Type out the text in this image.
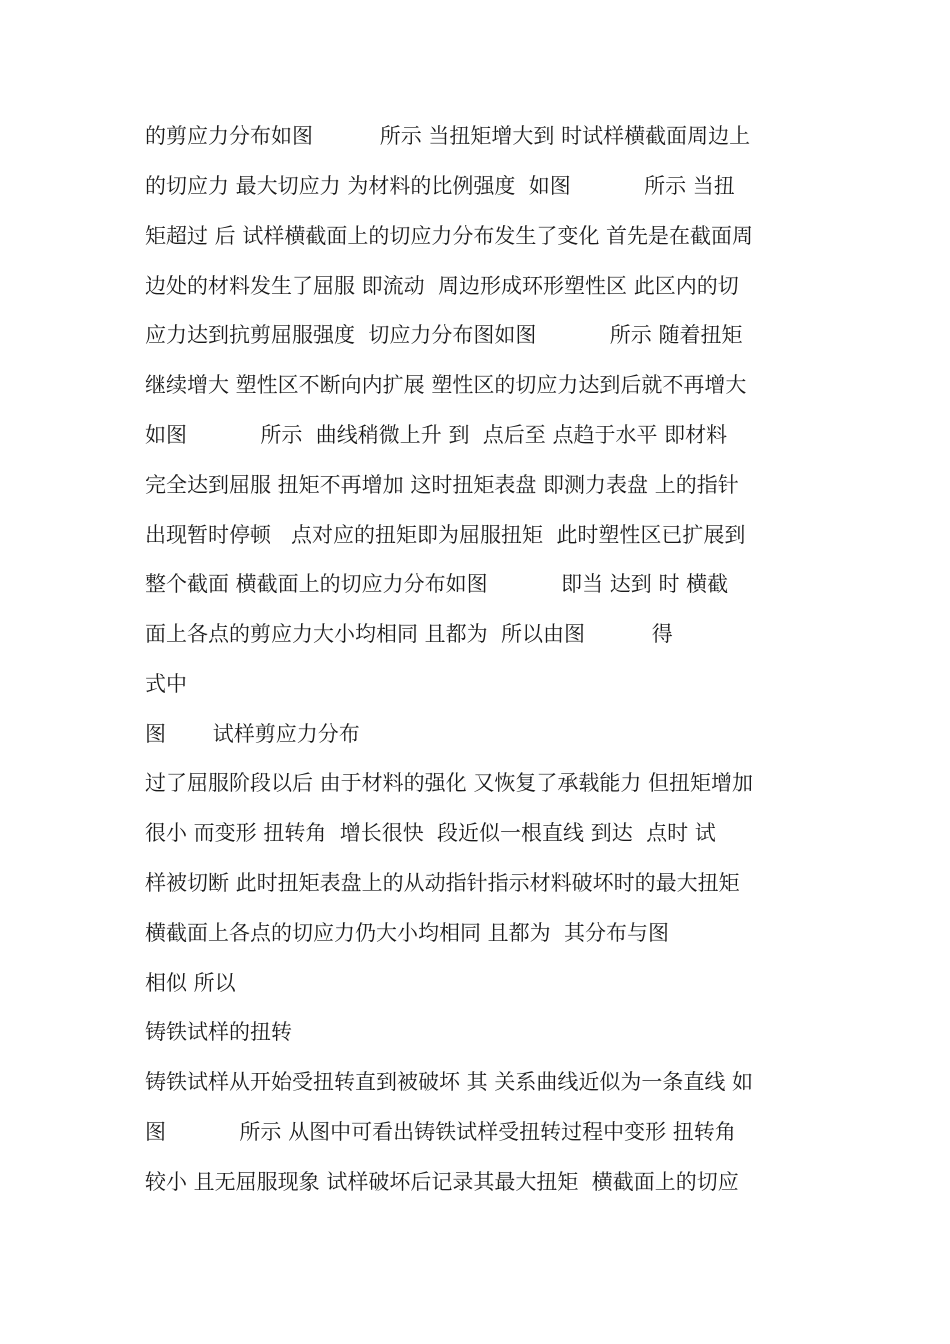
的剪应力分布如图          所示 当扭矩增大到 时试样横截面周边上
的切应力 最大切应力 为材料的比例强度  如图           所示 当扭
矩超过 后 试样横截面上的切应力分布发生了变化 首先是在截面周
边处的材料发生了屈服 即流动  周边形成环形塑性区 此区内的切
应力达到抗剪屈服强度  切应力分布图如图           所示 随着扭矩
继续增大 塑性区不断向内扩展 塑性区的切应力达到后就不再增大
如图           所示  曲线稍微上升 到  点后至 点趋于水平 即材料
完全达到屈服 扭矩不再增加 这时扭矩表盘 即测力表盘 上的指针
出现暂时停顿   点对应的扭矩即为屈服扭矩  此时塑性区已扩展到
整个截面 横截面上的切应力分布如图           即当 达到 时 横截
面上各点的剪应力大小均相同 且都为  所以由图          得
式中
图       试样剪应力分布
过了屈服阶段以后 由于材料的强化 又恢复了承载能力 但扭矩增加
很小 而变形 扭转角  增长很快  段近似一根直线 到达  点时 试
样被切断 此时扭矩表盘上的从动指针指示材料破坏时的最大扭矩
横截面上各点的切应力仍大小均相同 且都为  其分布与图
相似 所以
铸铁试样的扭转
铸铁试样从开始受扭转直到被破坏 其 关系曲线近似为一条直线 如
图           所示 从图中可看出铸铁试样受扭转过程中变形 扭转角
较小 且无屈服现象 试样破坏后记录其最大扭矩  横截面上的切应
